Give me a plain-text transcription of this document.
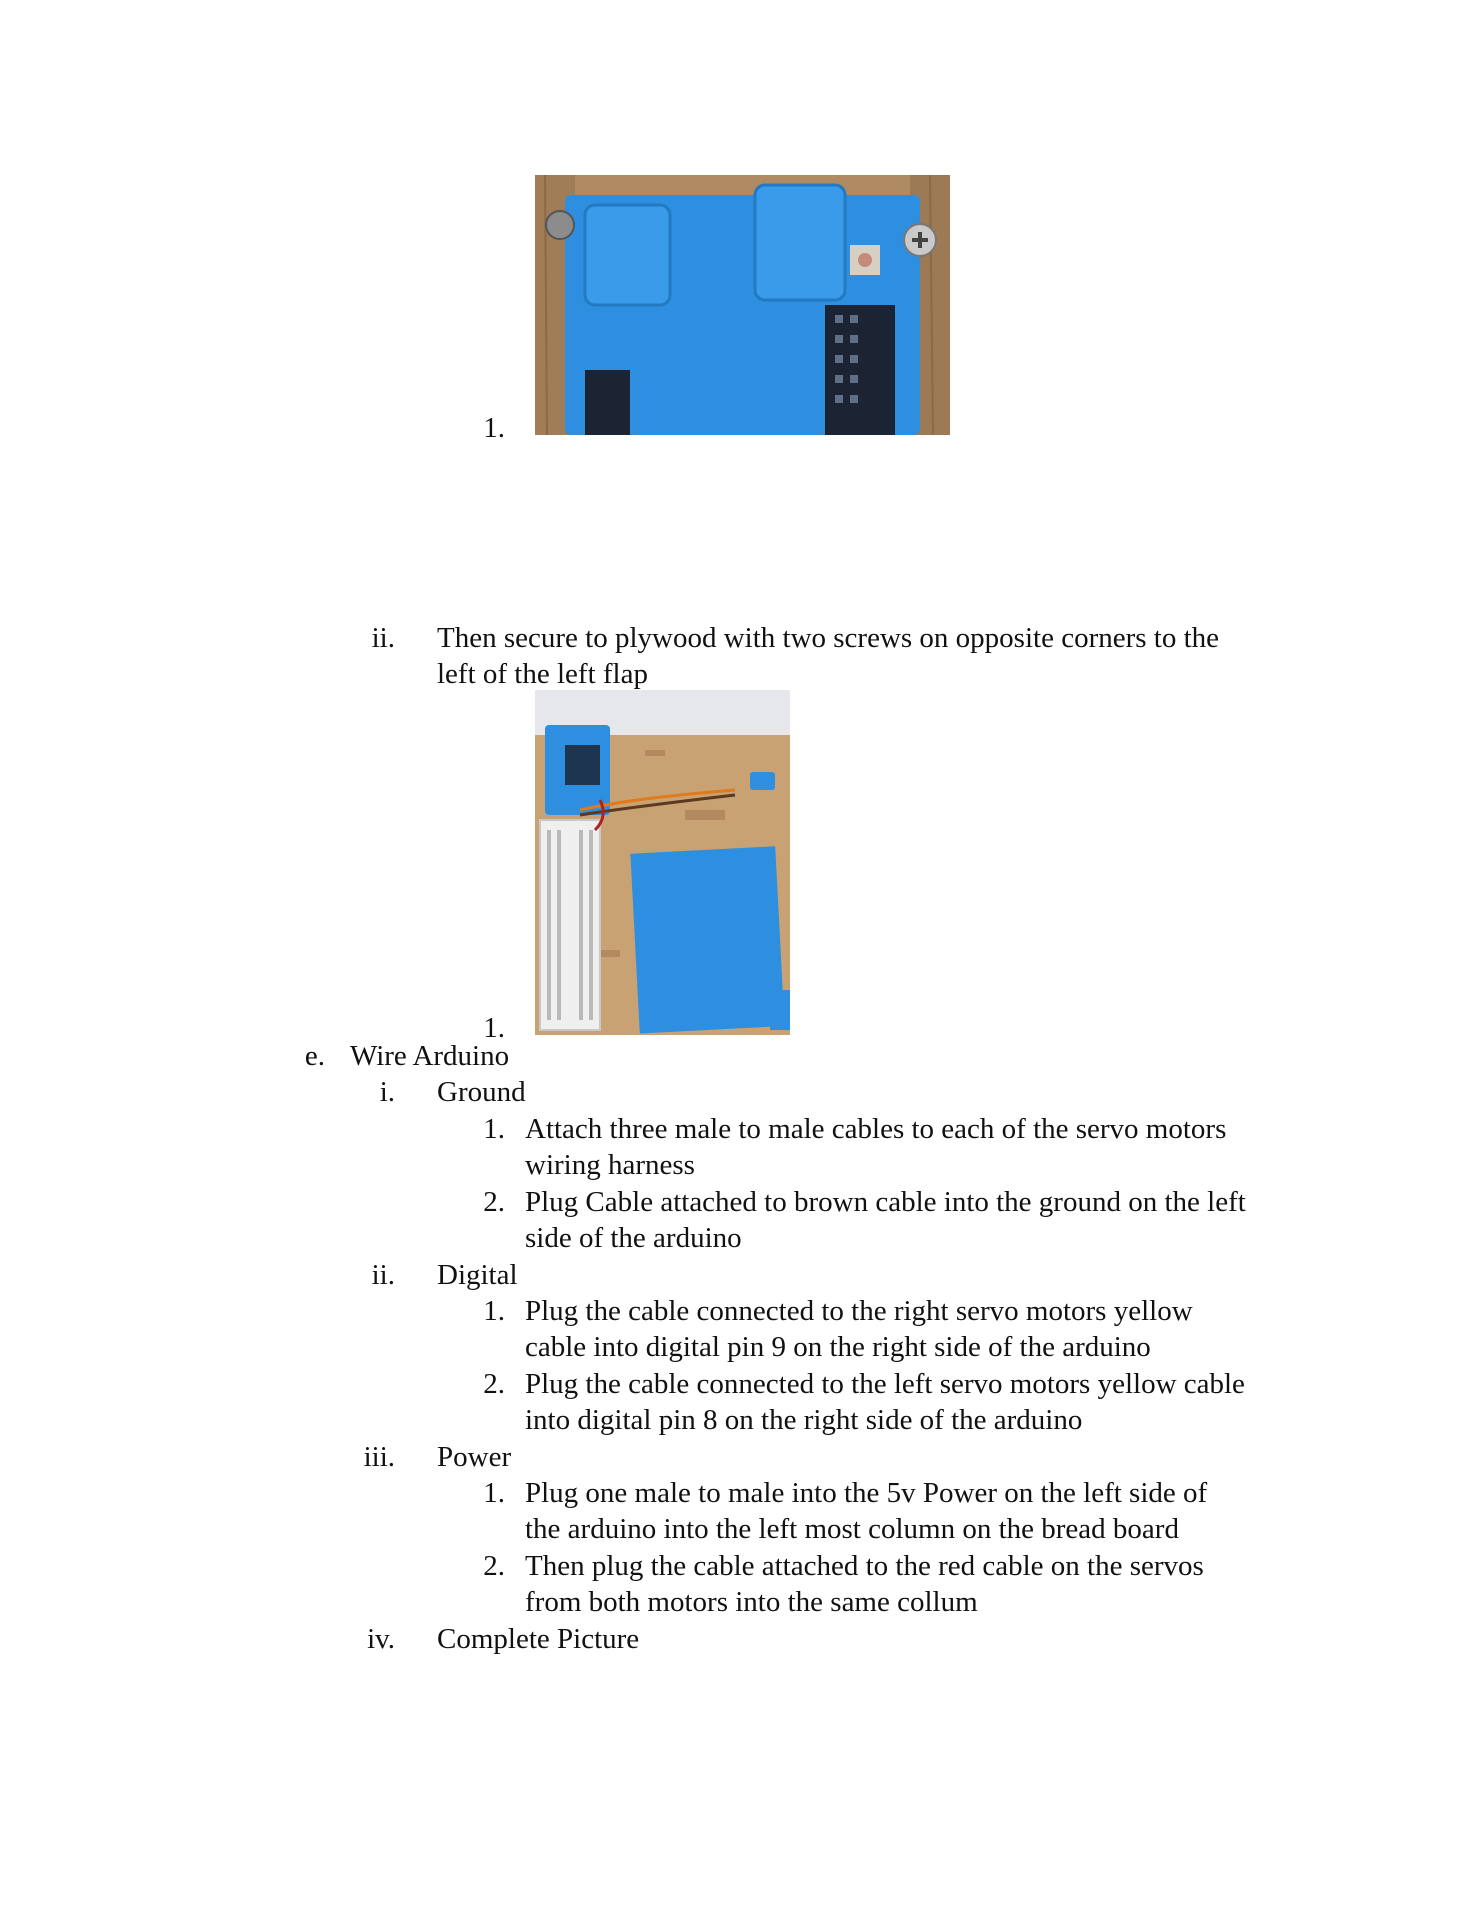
1.
ii. Then secure to plywood with two screws on opposite corners to the
left of the left flap
1.
e. Wire Arduino
i. Ground
1. Attach three male to male cables to each of the servo motors
wiring harness
2. Plug Cable attached to brown cable into the ground on the left
side of the arduino
ii. Digital
1. Plug the cable connected to the right servo motors yellow
cable into digital pin 9 on the right side of the arduino
2. Plug the cable connected to the left servo motors yellow cable
into digital pin 8 on the right side of the arduino
iii. Power
1. Plug one male to male into the 5v Power on the left side of
the arduino into the left most column on the bread board
2. Then plug the cable attached to the red cable on the servos
from both motors into the same collum
iv. Complete Picture
